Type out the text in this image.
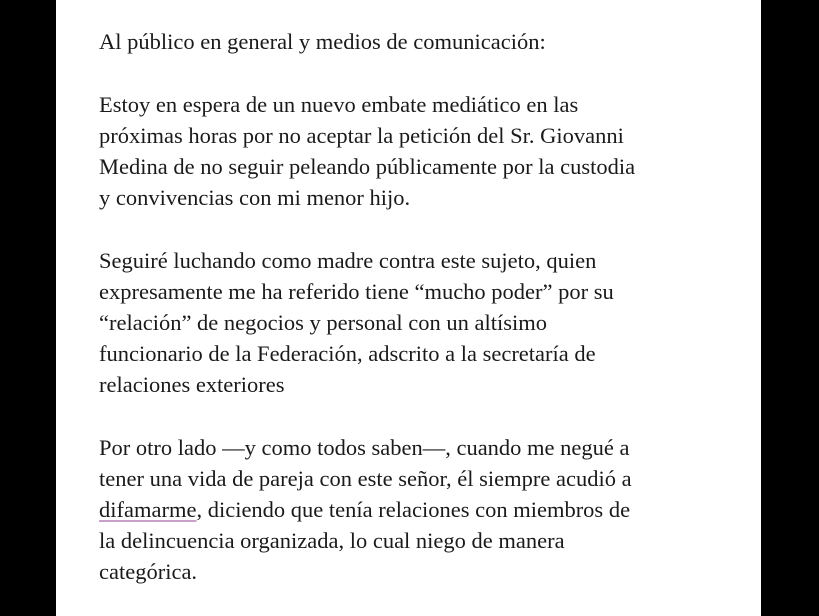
Al público en general y medios de comunicación:

Estoy en espera de un nuevo embate mediático en las
próximas horas por no aceptar la petición del Sr. Giovanni
Medina de no seguir peleando públicamente por la custodia
y convivencias con mi menor hijo.

Seguiré luchando como madre contra este sujeto, quien
expresamente me ha referido tiene “mucho poder” por su
“relación” de negocios y personal con un altísimo
funcionario de la Federación, adscrito a la secretaría de
relaciones exteriores

Por otro lado —y como todos saben—, cuando me negué a
tener una vida de pareja con este señor, él siempre acudió a
difamarme, diciendo que tenía relaciones con miembros de
la delincuencia organizada, lo cual niego de manera
categórica.
